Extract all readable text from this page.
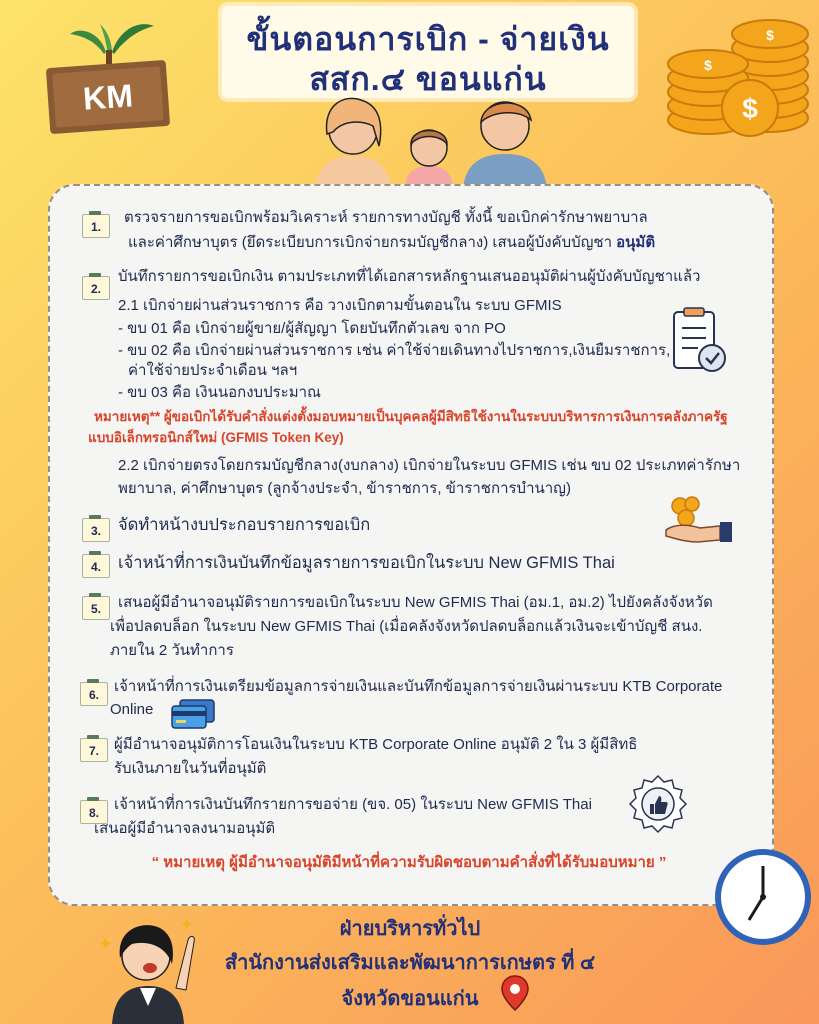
ขั้นตอนการเบิก - จ่ายเงิน
สสก.๔ ขอนแก่น
KM	$
$
$
1.
ตรวจรายการขอเบิกพร้อมวิเคราะห์ รายการทางบัญชี ทั้งนี้ ขอเบิกค่ารักษาพยาบาล
และค่าศึกษาบุตร (ยึดระเบียบการเบิกจ่ายกรมบัญชีกลาง) เสนอผู้บังคับบัญชา อนุมัติ
2.
บันทึกรายการขอเบิกเงิน ตามประเภทที่ได้เอกสารหลักฐานเสนออนุมัติผ่านผู้บังคับบัญชาแล้ว
2.1 เบิกจ่ายผ่านส่วนราชการ คือ วางเบิกตามขั้นตอนใน ระบบ GFMIS
- ขบ 01 คือ เบิกจ่ายผู้ขาย/ผู้สัญญา โดยบันทึกตัวเลข จาก PO
- ขบ 02 คือ เบิกจ่ายผ่านส่วนราชการ เช่น ค่าใช้จ่ายเดินทางไปราชการ,เงินยืมราชการ,
ค่าใช้จ่ายประจำเดือน ฯลฯ
- ขบ 03 คือ เงินนอกงบประมาณ
หมายเหตุ** ผู้ขอเบิกได้รับคำสั่งแต่งตั้งมอบหมายเป็นบุคคลผู้มีสิทธิใช้งานในระบบบริหารการเงินการคลังภาครัฐ
แบบอิเล็กทรอนิกส์ใหม่ (GFMIS Token Key)
2.2 เบิกจ่ายตรงโดยกรมบัญชีกลาง(งบกลาง) เบิกจ่ายในระบบ GFMIS เช่น ขบ 02 ประเภทค่ารักษา
พยาบาล, ค่าศึกษาบุตร (ลูกจ้างประจำ, ข้าราชการ, ข้าราชการบำนาญ)
3.	จัดทำหน้างบประกอบรายการขอเบิก
4.	เจ้าหน้าที่การเงินบันทึกข้อมูลรายการขอเบิกในระบบ New GFMIS Thai
5.	เสนอผู้มีอำนาจอนุมัติรายการขอเบิกในระบบ New GFMIS Thai (อม.1, อม.2) ไปยังคลังจังหวัด
เพื่อปลดบล็อก ในระบบ New GFMIS Thai (เมื่อคลังจังหวัดปลดบล็อกแล้วเงินจะเข้าบัญชี สนง.
ภายใน 2 วันทำการ
6.	เจ้าหน้าที่การเงินเตรียมข้อมูลการจ่ายเงินและบันทึกข้อมูลการจ่ายเงินผ่านระบบ KTB Corporate
Online
7.	ผู้มีอำนาจอนุมัติการโอนเงินในระบบ KTB Corporate Online อนุมัติ 2 ใน 3 ผู้มีสิทธิ
รับเงินภายในวันที่อนุมัติ
8.	เจ้าหน้าที่การเงินบันทึกรายการขอจ่าย (ขจ. 05) ในระบบ New GFMIS Thai
เสนอผู้มีอำนาจลงนามอนุมัติ
“ หมายเหตุ ผู้มีอำนาจอนุมัติมีหน้าที่ความรับผิดชอบตามคำสั่งที่ได้รับมอบหมาย ”
✦
✦	ฝ่ายบริหารทั่วไป
สำนักงานส่งเสริมและพัฒนาการเกษตร ที่ ๔
จังหวัดขอนแก่น
